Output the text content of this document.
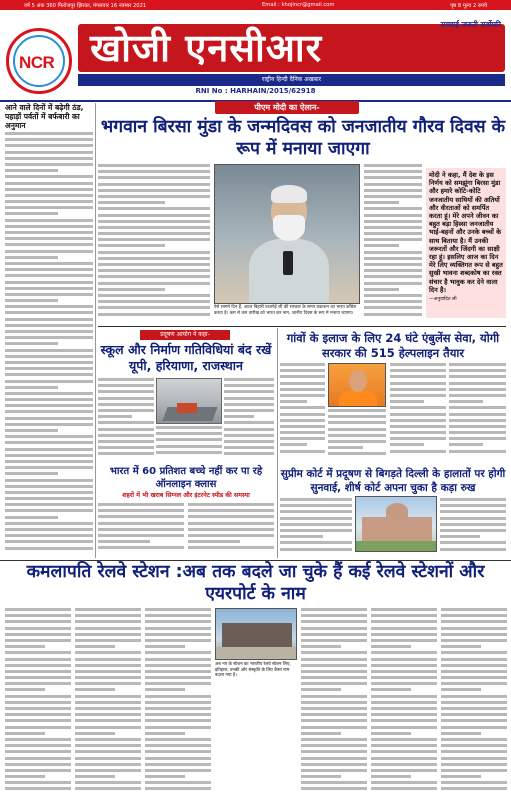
वर्ष 5 अंक 360 फिरोजपुर झिरका, मंगलवार 16 नवम्बर 2021	Email : khojincr@gmail.com	पृष्ठ 8 मूल्य 2 रुपये
NCR खोजी एनसीआर
सच्चाई जरूरी सर्वोपरि
राष्ट्रीय हिन्दी दैनिक अखबार
RNI No : HARHAIN/2015/62918
आने वाले दिनों में बढ़ेगी ठंड, पहाड़ों पर्वतों में बर्फबारी का अनुमान
पीएम मोदी का ऐलान-
भगवान बिरसा मुंडा के जन्मदिवस को जनजातीय गौरव दिवस के रूप में मनाया जाएगा
ऐसे सामने दिन हैं, अटल बिहारी वाजपेई जी की सरकार के समय प्रकाशन का भारत काँग्रेस करता है। कम से कम तारीख को भारत कर नाम, जानीय दिवस के रूप में मनाया जाएगा।
मोदी ने कहा, मैं देश के इस निर्णय को समझूंगा बिरसा मुंडा और हमारे कोटि-कोटि जनजातीय साथियों की अतियों और वीरताओं को समर्पित करता हूं। मेरे अपने जीवन का बहुत बड़ा हिस्सा जनजातीय भाई-बहनों और उनके बच्चों के साथ बिताया है। मैं उनकी जरूरतों और जिंदगी का साक्षी रहा हूं। इसलिए आज का दिन मेरे लिए व्यक्तिगत रूप से बहुत सुखी भावना शब्दकोष का रक्त संचार है भावुक कर देने वाला दिन है।
—अनुवादित ली
प्रदूषण आयोग ने कहा-
स्कूल और निर्माण गतिविधियां बंद रखें यूपी, हरियाणा, राजस्थान
गांवों के इलाज के लिए 24 घंटे एंबुलेंस सेवा, योगी सरकार की 515 हेल्पलाइन तैयार
भारत में 60 प्रतिशत बच्चे नहीं कर पा रहे ऑनलाइन क्लास
शहरों में भी खराब सिग्नल और इंटरनेट स्पीड की समस्या
सुप्रीम कोर्ट में प्रदूषण से बिगड़ते दिल्ली के हालातों पर होगी सुनवाई, शीर्ष कोर्ट अपना चुका है कड़ा रुख
कमलापति रेलवे स्टेशन :अब तक बदले जा चुके हैं कई रेलवे स्टेशनों और एयरपोर्ट के नाम
अब नए के स्टेशन का भारतीय रेलवे स्टेशन लिए, इतिहास, उनकी और संस्कृति के लिए कैसा नाम बदला गया है।
